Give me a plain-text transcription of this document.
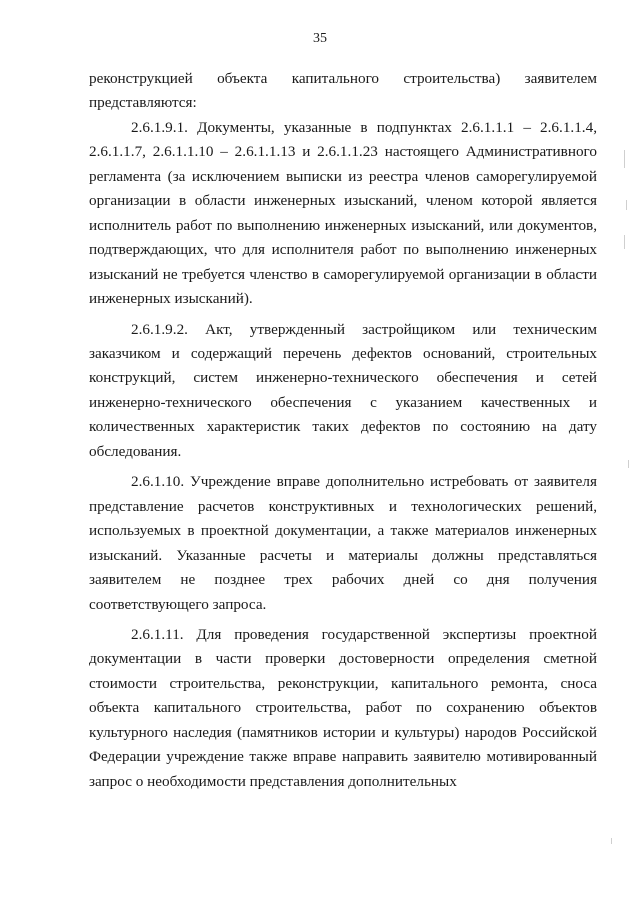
35

реконструкцией объекта капитального строительства) заявителем представляются:

2.6.1.9.1. Документы, указанные в подпунктах 2.6.1.1.1 – 2.6.1.1.4, 2.6.1.1.7, 2.6.1.1.10 – 2.6.1.1.13 и 2.6.1.1.23 настоящего Административного регламента (за исключением выписки из реестра членов саморегулируемой организации в области инженерных изысканий, членом которой является исполнитель работ по выполнению инженерных изысканий, или документов, подтверждающих, что для исполнителя работ по выполнению инженерных изысканий не требуется членство в саморегулируемой организации в области инженерных изысканий).

2.6.1.9.2. Акт, утвержденный застройщиком или техническим заказчиком и содержащий перечень дефектов оснований, строительных конструкций, систем инженерно-технического обеспечения и сетей инженерно-технического обеспечения с указанием качественных и количественных характеристик таких дефектов по состоянию на дату обследования.

2.6.1.10. Учреждение вправе дополнительно истребовать от заявителя представление расчетов конструктивных и технологических решений, используемых в проектной документации, а также материалов инженерных изысканий. Указанные расчеты и материалы должны представляться заявителем не позднее трех рабочих дней со дня получения соответствующего запроса.

2.6.1.11. Для проведения государственной экспертизы проектной документации в части проверки достоверности определения сметной стоимости строительства, реконструкции, капитального ремонта, сноса объекта капитального строительства, работ по сохранению объектов культурного наследия (памятников истории и культуры) народов Российской Федерации учреждение также вправе направить заявителю мотивированный запрос о необходимости представления дополнительных
